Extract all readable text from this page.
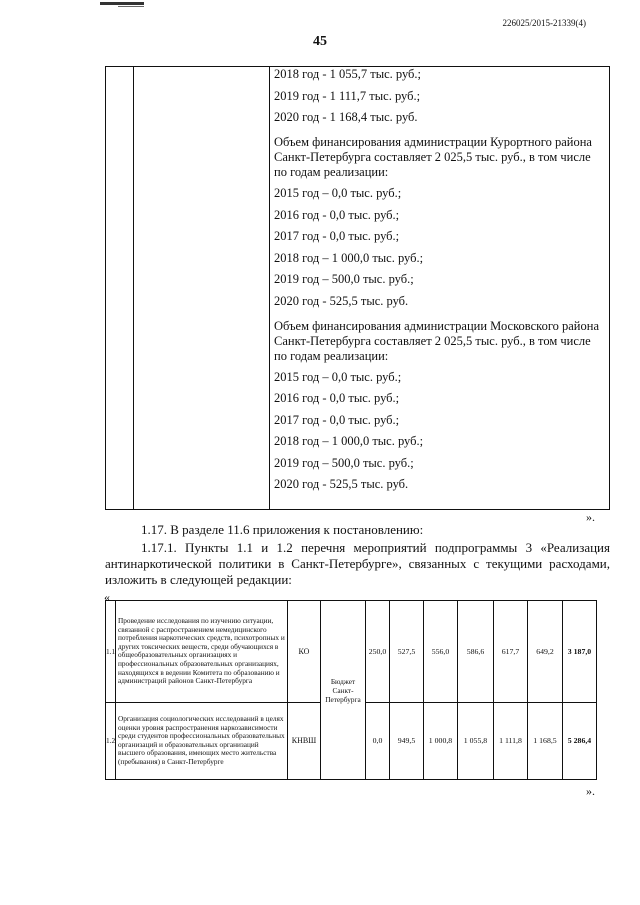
226025/2015-21339(4)
45

2018 год - 1 055,7 тыс. руб.;

2019 год - 1 111,7 тыс. руб.;

2020 год - 1 168,4 тыс. руб.

Объем финансирования администрации Курортного района Санкт-Петербурга составляет 2 025,5 тыс. руб., в том числе по годам реализации:

2015 год – 0,0 тыс. руб.;

2016 год - 0,0 тыс. руб.;

2017 год - 0,0 тыс. руб.;

2018 год – 1 000,0 тыс. руб.;

2019 год – 500,0 тыс. руб.;

2020 год - 525,5 тыс. руб.

Объем финансирования администрации Московского района Санкт-Петербурга составляет 2 025,5 тыс. руб., в том числе по годам реализации:

2015 год – 0,0 тыс. руб.;

2016 год - 0,0 тыс. руб.;

2017 год - 0,0 тыс. руб.;

2018 год – 1 000,0 тыс. руб.;

2019 год – 500,0 тыс. руб.;

2020 год - 525,5 тыс. руб.

».
1.17. В разделе 11.6 приложения к постановлению:
1.17.1. Пункты 1.1 и 1.2 перечня мероприятий подпрограммы 3 «Реализация антинаркотической политики в Санкт-Петербурге», связанных с текущими расходами, изложить в следующей редакции:
«
1.1	Проведение исследования по изучению ситуации, связанной с распространением немедицинского потребления наркотических средств, психотропных и других токсических веществ, среди обучающихся в общеобразовательных организациях и профессиональных образовательных организациях, находящихся в ведении Комитета по образованию и администраций районов Санкт-Петербурга	КО	Бюджет Санкт-Петербурга	250,0	527,5	556,0	586,6	617,7	649,2	3 187,0
1.2	Организация социологических исследований в целях оценки уровня распространения наркозависимости среди студентов профессиональных образовательных организаций и образовательных организаций высшего образования, имеющих место жительства (пребывания) в Санкт-Петербурге	КНВШ		0,0	949,5	1 000,8	1 055,8	1 111,8	1 168,5	5 286,4
».
